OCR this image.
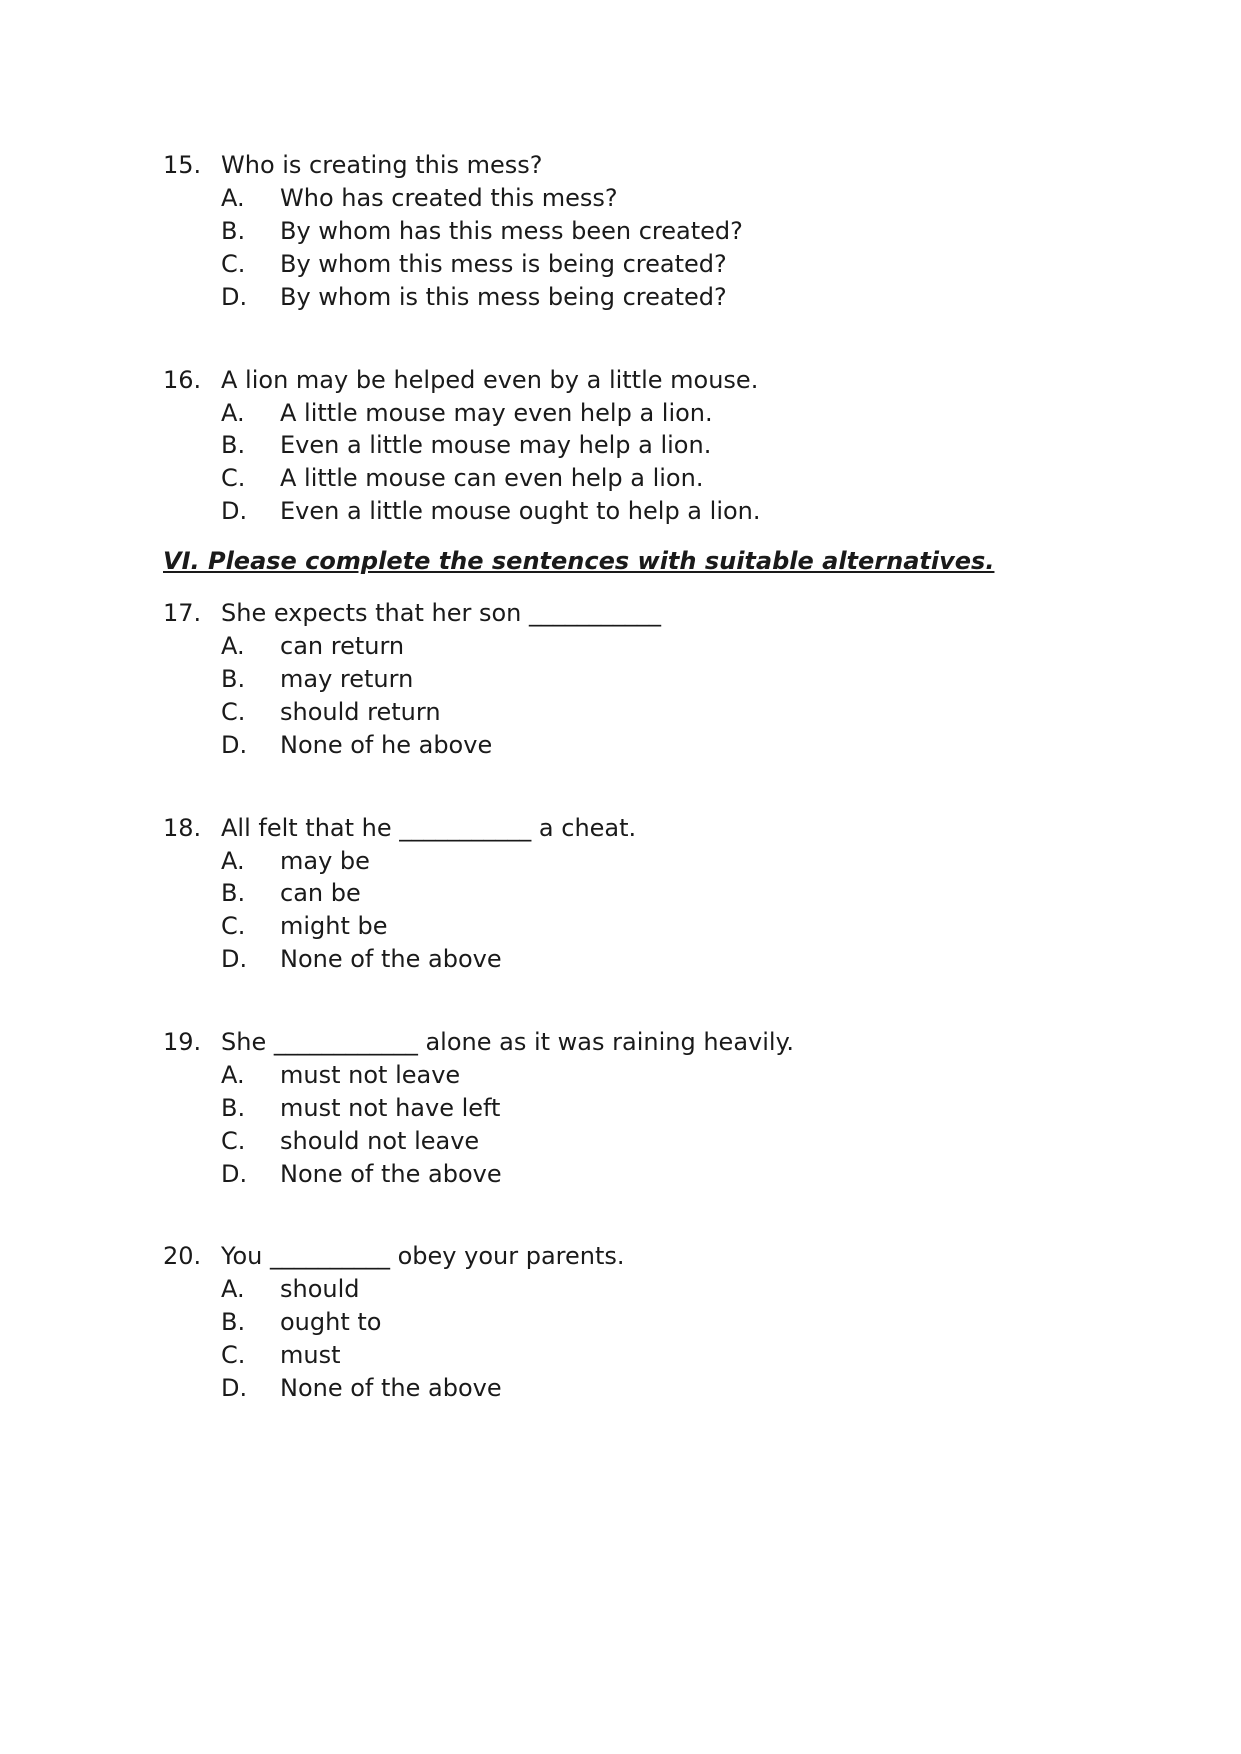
15. Who is creating this mess?
A. Who has created this mess?
B. By whom has this mess been created?
C. By whom this mess is being created?
D. By whom is this mess being created?
16. A lion may be helped even by a little mouse.
A. A little mouse may even help a lion.
B. Even a little mouse may help a lion.
C. A little mouse can even help a lion.
D. Even a little mouse ought to help a lion.
VI. Please complete the sentences with suitable alternatives.
17. She expects that her son ___________
A. can return
B. may return
C. should return
D. None of he above
18. All felt that he ___________ a cheat.
A. may be
B. can be
C. might be
D. None of the above
19. She ____________ alone as it was raining heavily.
A. must not leave
B. must not have left
C. should not leave
D. None of the above
20. You __________ obey your parents.
A. should
B. ought to
C. must
D. None of the above
